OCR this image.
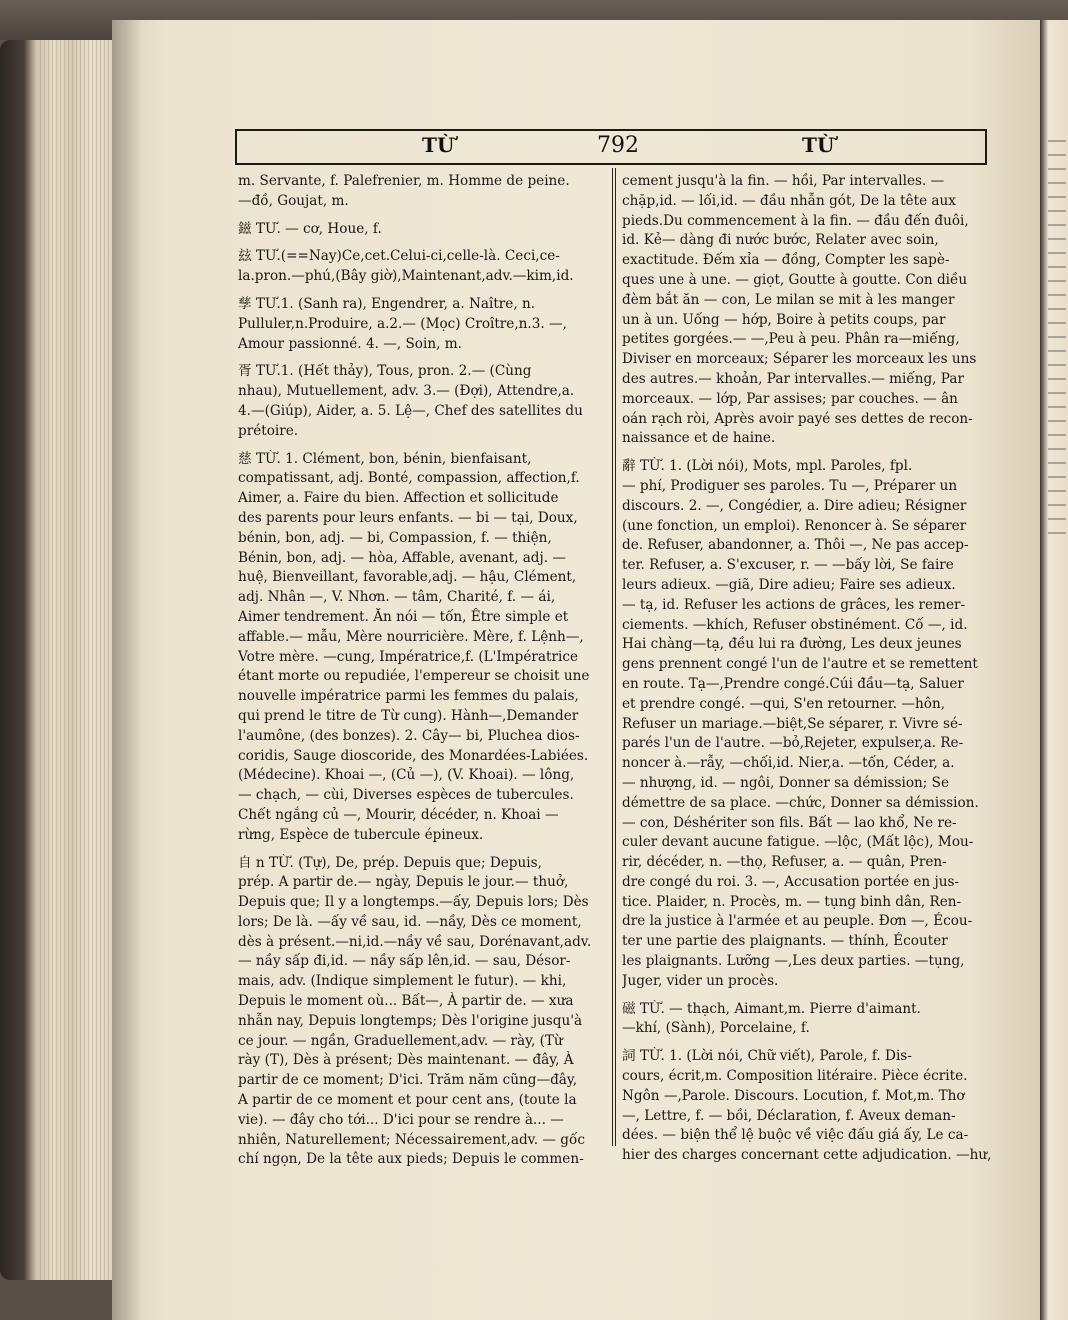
TỪ	792	TỪ
m. Servante, f. Palefrenier, m. Homme de peine.
—đồ, Goujat, m.
鎡 TƯ. — cơ, Houe, f.
玆 TƯ.(==Nay)Ce,cet.Celui-ci,celle-là. Ceci,ce-
la.pron.—phú,(Bây giờ),Maintenant,adv.—kim,id.
孳 TƯ.1. (Sanh ra), Engendrer, a. Naître, n.
Pulluler,n.Produire, a.2.— (Mọc) Croître,n.3. —,
Amour passionné. 4. —, Soin, m.
胥 TƯ.1. (Hết thảy), Tous, pron. 2.— (Cùng
nhau), Mutuellement, adv. 3.— (Đợi), Attendre,a.
4.—(Giúp), Aider, a. 5. Lệ—, Chef des satellites du
prétoire.
慈 TỪ. 1. Clément, bon, bénin, bienfaisant,
compatissant, adj. Bonté, compassion, affection,f.
Aimer, a. Faire du bien. Affection et sollicitude
des parents pour leurs enfants. — bi — tại, Doux,
bénin, bon, adj. — bi, Compassion, f. — thiện,
Bénin, bon, adj. — hòa, Affable, avenant, adj. —
huệ, Bienveillant, favorable,adj. — hậu, Clément,
adj. Nhân —, V. Nhơn. — tâm, Charité, f. — ái,
Aimer tendrement. Ăn nói — tốn, Être simple et
affable.— mẫu, Mère nourricière. Mère, f. Lệnh—,
Votre mère. —cung, Impératrice,f. (L'Impératrice
étant morte ou repudiée, l'empereur se choisit une
nouvelle impératrice parmi les femmes du palais,
qui prend le titre de Từ cung). Hành—,Demander
l'aumône, (des bonzes). 2. Cây— bi, Pluchea dios-
coridis, Sauge dioscoride, des Monardées-Labiées.
(Médecine). Khoai —, (Củ —), (V. Khoai). — lông,
— chạch, — cùi, Diverses espèces de tubercules.
Chết ngắng củ —, Mourir, décéder, n. Khoai —
rừng, Espèce de tubercule épineux.
自 n TỪ. (Tự), De, prép. Depuis que; Depuis,
prép. A partir de.— ngày, Depuis le jour.— thuở,
Depuis que; Il y a longtemps.—ấy, Depuis lors; Dès
lors; De là. —ấy về sau, id. —nầy, Dès ce moment,
dès à présent.—ni,id.—nầy về sau, Dorénavant,adv.
— nầy sấp đi,id. — nầy sấp lên,id. — sau, Désor-
mais, adv. (Indique simplement le futur). — khi,
Depuis le moment où... Bất—, À partir de. — xưa
nhẫn nay, Depuis longtemps; Dès l'origine jusqu'à
ce jour. — ngần, Graduellement,adv. — rày, (Từ
rày (T), Dès à présent; Dès maintenant. — đây, À
partir de ce moment; D'ici. Trăm năm cũng—đây,
A partir de ce moment et pour cent ans, (toute la
vie). — đây cho tới... D'ici pour se rendre à... —
nhiên, Naturellement; Nécessairement,adv. — gốc
chí ngọn, De la tête aux pieds; Depuis le commen-
cement jusqu'à la fin. — hồi, Par intervalles. —
chặp,id. — lối,id. — đầu nhẫn gót, De la tête aux
pieds.Du commencement à la fin. — đầu đến đuôi,
id. Kẻ— dàng đi nước bước, Relater avec soin,
exactitude. Đếm xỉa — đồng, Compter les sapè-
ques une à une. — giọt, Goutte à goutte. Con diều
đèm bắt ăn — con, Le milan se mit à les manger
un à un. Uống — hớp, Boire à petits coups, par
petites gorgées.— —,Peu à peu. Phân ra—miếng,
Diviser en morceaux; Séparer les morceaux les uns
des autres.— khoản, Par intervalles.— miếng, Par
morceaux. — lớp, Par assises; par couches. — ân
oán rạch ròi, Après avoir payé ses dettes de recon-
naissance et de haine.
辭 TỪ. 1. (Lời nói), Mots, mpl. Paroles, fpl.
— phí, Prodiguer ses paroles. Tu —, Préparer un
discours. 2. —, Congédier, a. Dire adieu; Résigner
(une fonction, un emploi). Renoncer à. Se séparer
de. Refuser, abandonner, a. Thôi —, Ne pas accep-
ter. Refuser, a. S'excuser, r. — —bấy lời, Se faire
leurs adieux. —giã, Dire adieu; Faire ses adieux.
— tạ, id. Refuser les actions de grâces, les remer-
ciements. —khích, Refuser obstinément. Cố —, id.
Hai chàng—tạ, đều lui ra đường, Les deux jeunes
gens prennent congé l'un de l'autre et se remettent
en route. Tạ—,Prendre congé.Cúi đầu—tạ, Saluer
et prendre congé. —qui, S'en retourner. —hôn,
Refuser un mariage.—biệt,Se séparer, r. Vivre sé-
parés l'un de l'autre. —bỏ,Rejeter, expulser,a. Re-
noncer à.—rẫy, —chối,id. Nier,a. —tốn, Céder, a.
— nhượng, id. — ngôi, Donner sa démission; Se
démettre de sa place. —chức, Donner sa démission.
— con, Déshériter son fils. Bất — lao khổ, Ne re-
culer devant aucune fatigue. —lộc, (Mất lộc), Mou-
rir, décéder, n. —thọ, Refuser, a. — quân, Pren-
dre congé du roi. 3. —, Accusation portée en jus-
tice. Plaider, n. Procès, m. — tụng binh dân, Ren-
dre la justice à l'armée et au peuple. Đơn —, Écou-
ter une partie des plaignants. — thính, Écouter
les plaignants. Lưỡng —,Les deux parties. —tụng,
Juger, vider un procès.
磁 TỪ. — thạch, Aimant,m. Pierre d'aimant.
—khí, (Sành), Porcelaine, f.
詞 TỪ. 1. (Lời nói, Chữ viết), Parole, f. Dis-
cours, écrit,m. Composition litéraire. Pièce écrite.
Ngôn —,Parole. Discours. Locution, f. Mot,m. Thơ
—, Lettre, f. — bồi, Déclaration, f. Aveux deman-
dées. — biện thể lệ buộc về việc đấu giá ấy, Le ca-
hier des charges concernant cette adjudication. —hư,
